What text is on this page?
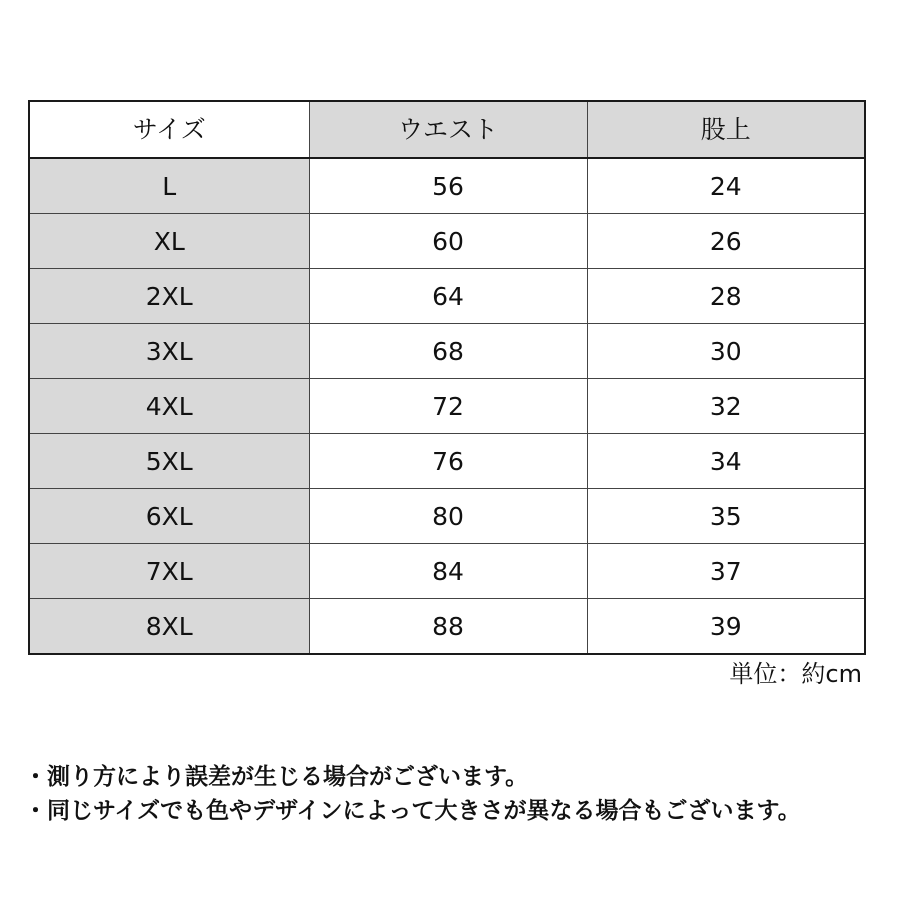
サイズ	ウエスト	股上
L	56	24
XL	60	26
2XL	64	28
3XL	68	30
4XL	72	32
5XL	76	34
6XL	80	35
7XL	84	37
8XL	88	39
単位：約cm
・測り方により誤差が生じる場合がございます。
・同じサイズでも色やデザインによって大きさが異なる場合もございます。
